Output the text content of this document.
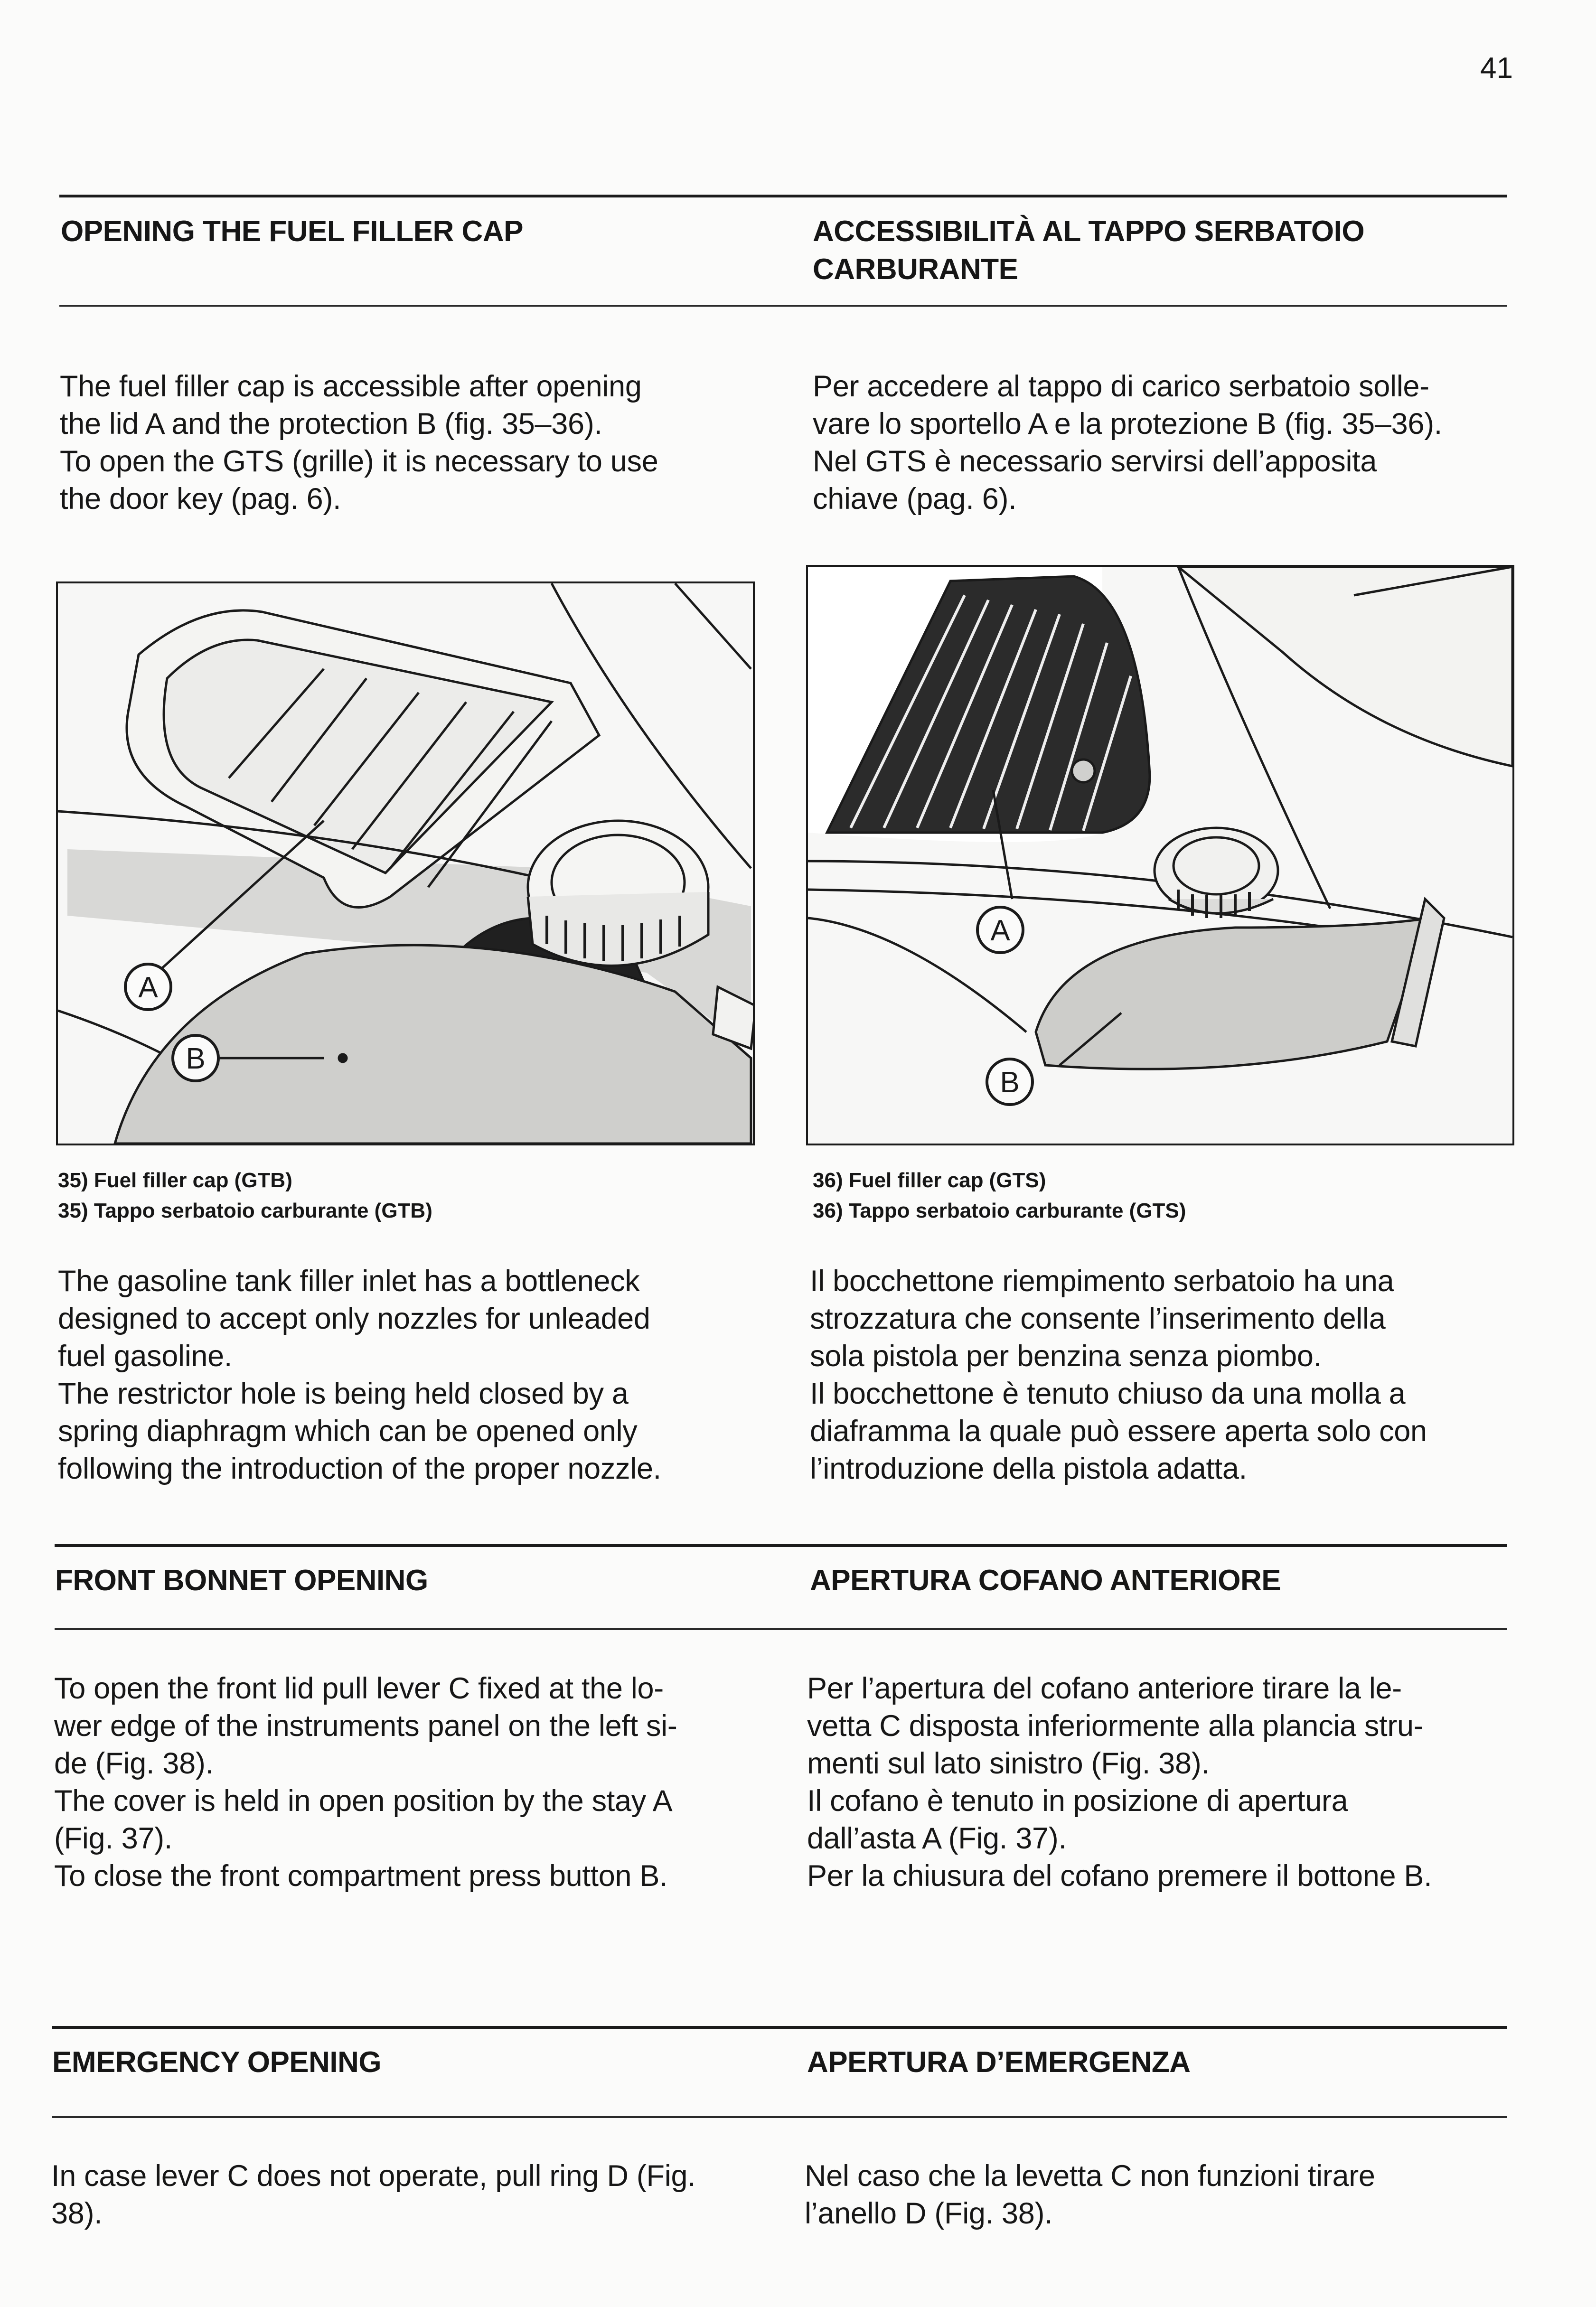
41
OPENING THE FUEL FILLER CAP	ACCESSIBILITÀ AL TAPPO SERBATOIO
CARBURANTE
The fuel filler cap is accessible after opening
the lid A and the protection B (fig. 35–36).
To open the GTS (grille) it is necessary to use
the door key (pag. 6).
Per accedere al tappo di carico serbatoio solle-
vare lo sportello A e la protezione B (fig. 35–36).
Nel GTS è necessario servirsi dell’apposita
chiave (pag. 6).
A
B
A
B
35) Fuel filler cap (GTB)
35) Tappo serbatoio carburante (GTB)
36) Fuel filler cap (GTS)
36) Tappo serbatoio carburante (GTS)
The gasoline tank filler inlet has a bottleneck
designed to accept only nozzles for unleaded
fuel gasoline.
The restrictor hole is being held closed by a
spring diaphragm which can be opened only
following the introduction of the proper nozzle.
Il bocchettone riempimento serbatoio ha una
strozzatura che consente l’inserimento della
sola pistola per benzina senza piombo.
Il bocchettone è tenuto chiuso da una molla a
diaframma la quale può essere aperta solo con
l’introduzione della pistola adatta.
FRONT BONNET OPENING	APERTURA COFANO ANTERIORE
To open the front lid pull lever C fixed at the lo-
wer edge of the instruments panel on the left si-
de (Fig. 38).
The cover is held in open position by the stay A
(Fig. 37).
To close the front compartment press button B.
Per l’apertura del cofano anteriore tirare la le-
vetta C disposta inferiormente alla plancia stru-
menti sul lato sinistro (Fig. 38).
Il cofano è tenuto in posizione di apertura
dall’asta A (Fig. 37).
Per la chiusura del cofano premere il bottone B.
EMERGENCY OPENING	APERTURA D’EMERGENZA
In case lever C does not operate, pull ring D (Fig.
38).
Nel caso che la levetta C non funzioni tirare
l’anello D (Fig. 38).
